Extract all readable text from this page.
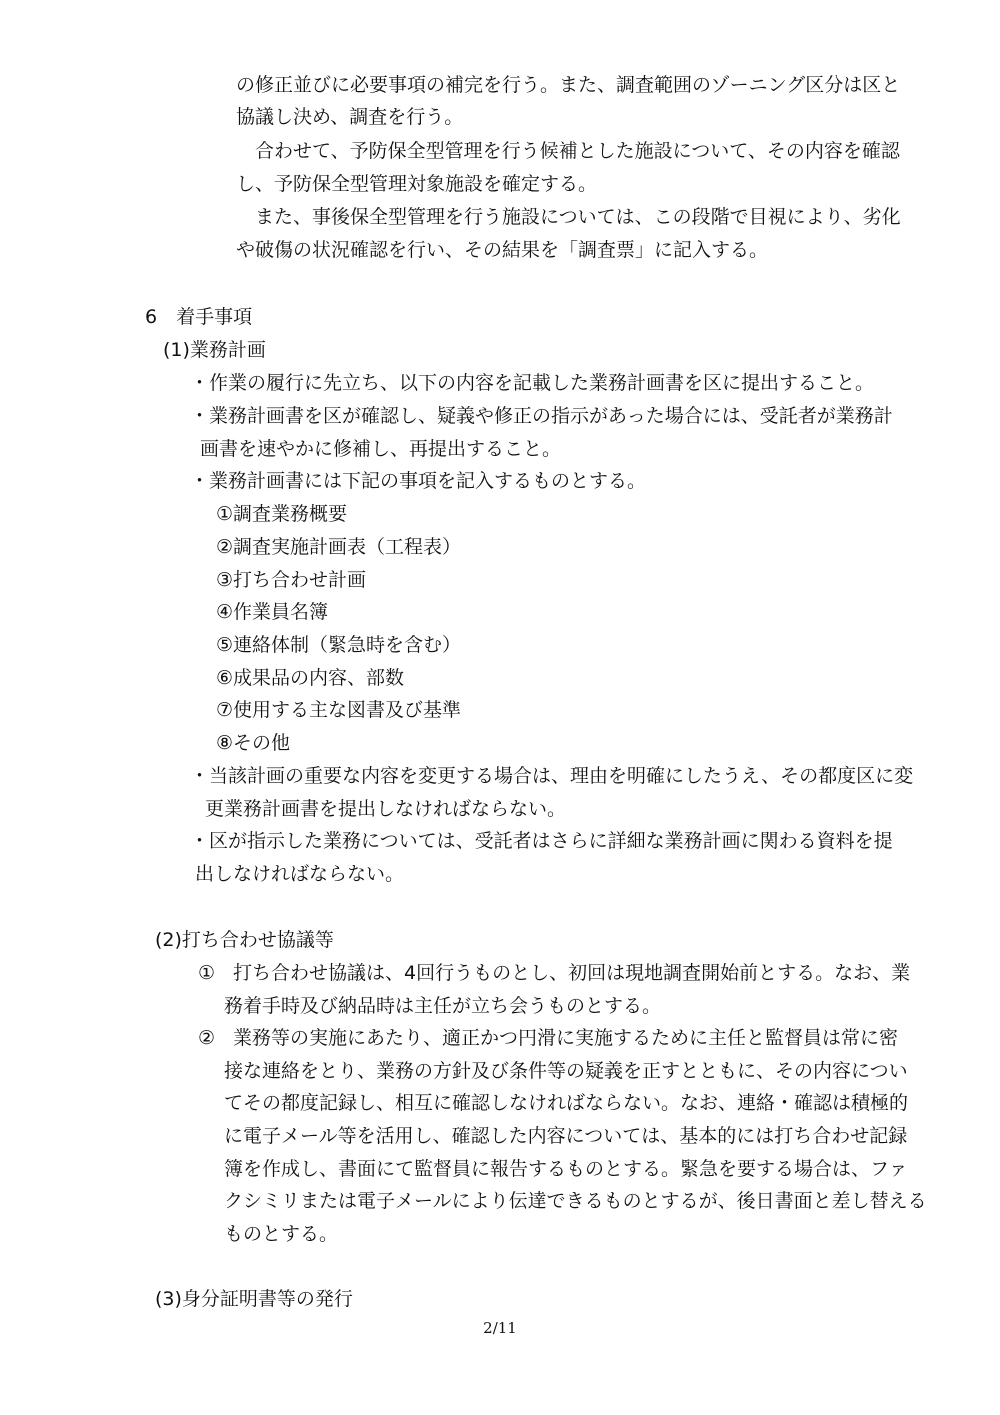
の修正並びに必要事項の補完を行う。また、調査範囲のゾーニング区分は区と

協議し決め、調査を行う。

　合わせて、予防保全型管理を行う候補とした施設について、その内容を確認

し、予防保全型管理対象施設を確定する。

　また、事後保全型管理を行う施設については、この段階で目視により、劣化

や破傷の状況確認を行い、その結果を「調査票」に記入する。

6　着手事項

(1)業務計画

・作業の履行に先立ち、以下の内容を記載した業務計画書を区に提出すること。

・業務計画書を区が確認し、疑義や修正の指示があった場合には、受託者が業務計

画書を速やかに修補し、再提出すること。

・業務計画書には下記の事項を記入するものとする。

①調査業務概要

②調査実施計画表（工程表）

③打ち合わせ計画

④作業員名簿

⑤連絡体制（緊急時を含む）

⑥成果品の内容、部数

⑦使用する主な図書及び基準

⑧その他

・当該計画の重要な内容を変更する場合は、理由を明確にしたうえ、その都度区に変

更業務計画書を提出しなければならない。

・区が指示した業務については、受託者はさらに詳細な業務計画に関わる資料を提

出しなければならない。

(2)打ち合わせ協議等

① 打ち合わせ協議は、4回行うものとし、初回は現地調査開始前とする。なお、業

務着手時及び納品時は主任が立ち会うものとする。

② 業務等の実施にあたり、適正かつ円滑に実施するために主任と監督員は常に密

接な連絡をとり、業務の方針及び条件等の疑義を正すとともに、その内容につい

てその都度記録し、相互に確認しなければならない。なお、連絡・確認は積極的

に電子メール等を活用し、確認した内容については、基本的には打ち合わせ記録

簿を作成し、書面にて監督員に報告するものとする。緊急を要する場合は、ファ

クシミリまたは電子メールにより伝達できるものとするが、後日書面と差し替える

ものとする。

(3)身分証明書等の発行

2/11
